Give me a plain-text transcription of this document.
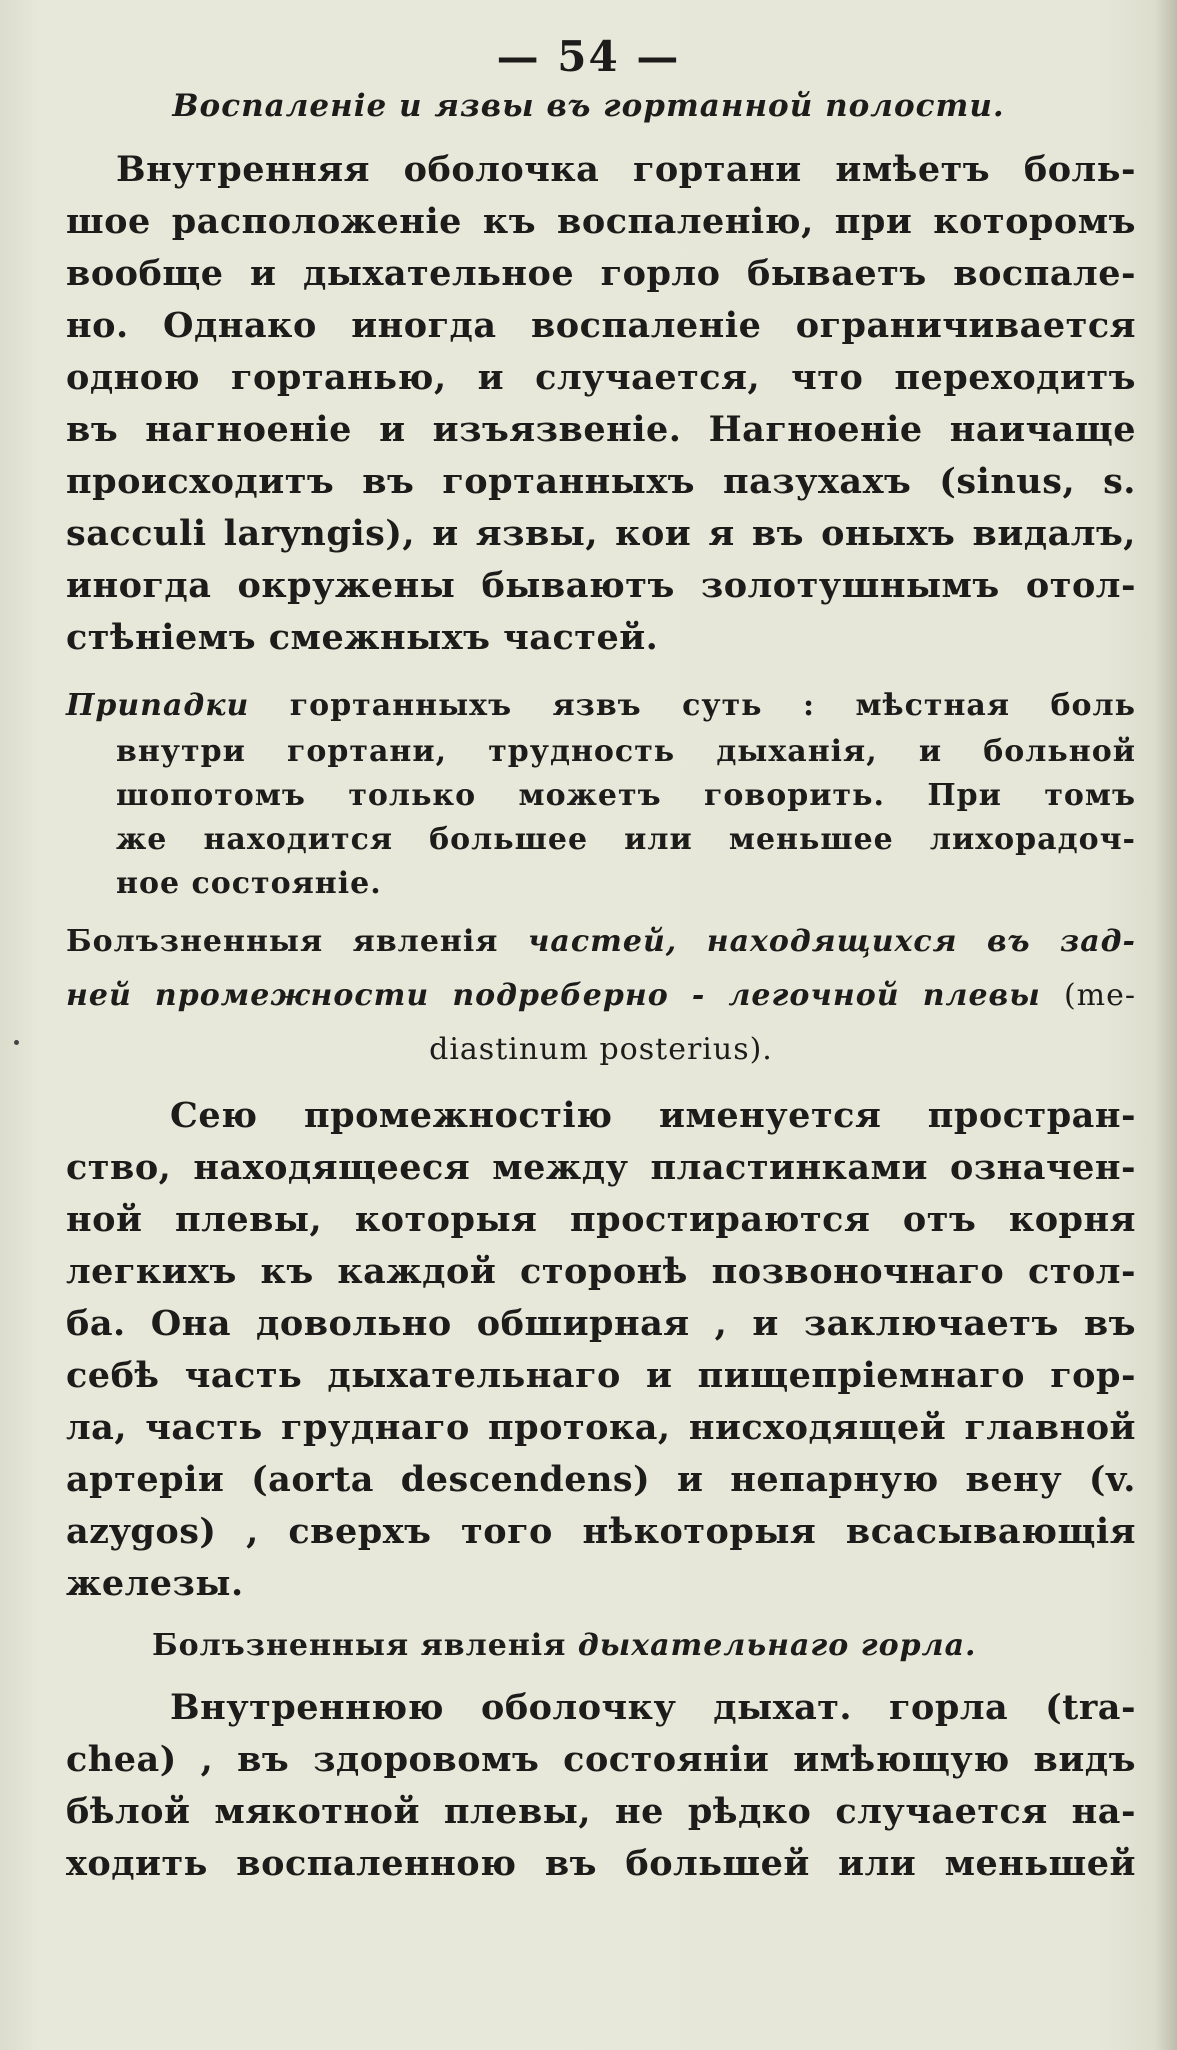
— 54 —
Воспаленіе и язвы въ гортанной полости.
Внутренняя оболочка гортани имѣетъ боль-
шое расположеніе къ воспаленію, при которомъ
вообще и дыхательное горло бываетъ воспале-
но. Однако иногда воспаленіе ограничивается
одною гортанью, и случается, что переходитъ
въ нагноеніе и изъязвеніе. Нагноеніе наичаще
происходитъ въ гортанныхъ пазухахъ (sinus, s.
sacculi laryngis), и язвы, кои я въ оныхъ видалъ,
иногда окружены бываютъ золотушнымъ отол-
стѣніемъ смежныхъ частей.
Припадки гортанныхъ язвъ суть : мѣстная боль
внутри гортани, трудность дыханія, и больной
шопотомъ только можетъ говорить. При томъ
же находится большее или меньшее лихорадоч-
ное состояніе.
Болъзненныя явленія частей, находящихся въ зад-
ней промежности подреберно - легочной плевы (me-
diastinum posterius).
Сею промежностію именуется простран-
ство, находящееся между пластинками означен-
ной плевы, которыя простираются отъ корня
легкихъ къ каждой сторонѣ позвоночнаго стол-
ба. Она довольно обширная , и заключаетъ въ
себѣ часть дыхательнаго и пищепріемнаго гор-
ла, часть груднаго протока, нисходящей главной
артеріи (aorta descendens) и непарную вену (v.
azygos) , сверхъ того нѣкоторыя всасывающія
железы.
Болъзненныя явленія дыхательнаго горла.
Внутреннюю оболочку дыхат. горла (tra-
chea) , въ здоровомъ состояніи имѣющую видъ
бѣлой мякотной плевы, не рѣдко случается на-
ходить воспаленною въ большей или меньшей
